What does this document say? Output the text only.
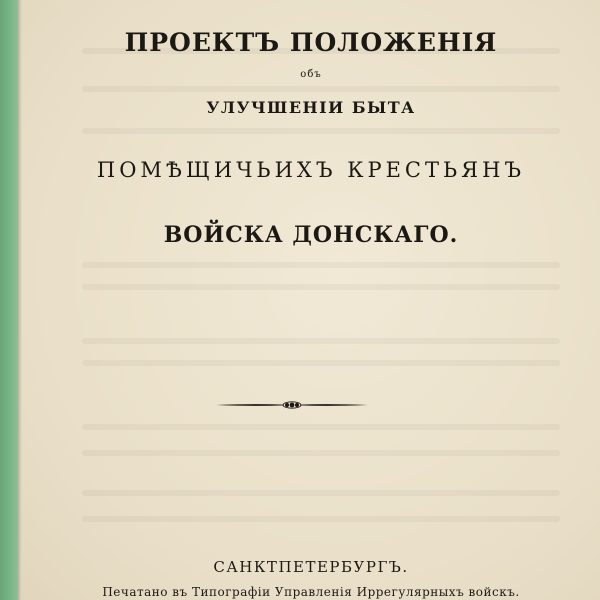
ПРОЕКТЪ ПОЛОЖЕНІЯ
объ
УЛУЧШЕНІИ БЫТА
ПОМѢЩИЧЬИХЪ КРЕСТЬЯНЪ
ВОЙСКА ДОНСКАГО.
САНКТПЕТЕРБУРГЪ.
Печатано въ Типографіи Управленія Иррегулярныхъ войскъ.
